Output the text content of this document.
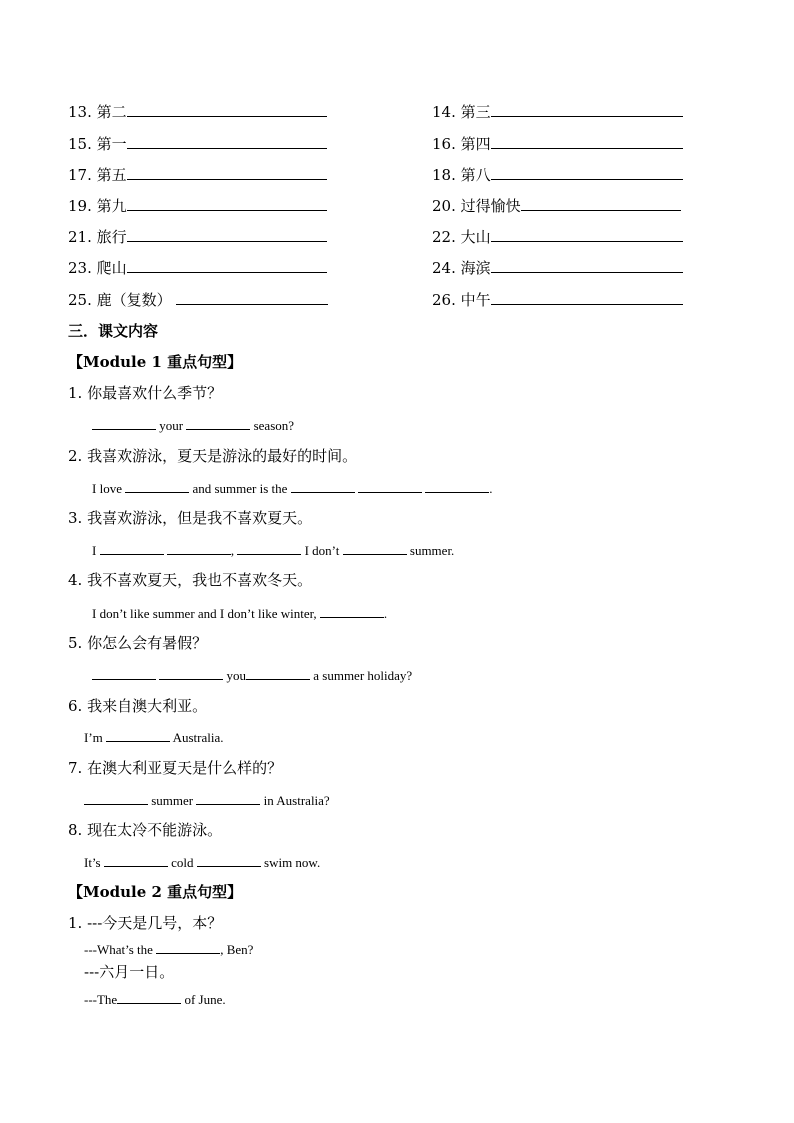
13. 第二	14. 第三
15. 第一	16. 第四
17. 第五	18. 第八
19. 第九	20. 过得愉快
21. 旅行	22. 大山
23. 爬山	24. 海滨
25. 鹿（复数）	26. 中午
三．课文内容
【Module 1 重点句型】
1. 你最喜欢什么季节？
your	season?
2. 我喜欢游泳，夏天是游泳的最好的时间。
I love	and summer is the	.
3. 我喜欢游泳，但是我不喜欢夏天。
I	,	I don’t	summer.
4. 我不喜欢夏天，我也不喜欢冬天。
I don’t like summer and I don’t like winter,	.
5. 你怎么会有暑假？
you	a summer holiday?
6. 我来自澳大利亚。
I’m	Australia.
7. 在澳大利亚夏天是什么样的？
summer	in Australia?
8. 现在太冷不能游泳。
It’s	cold	swim now.
【Module 2 重点句型】
1. ---今天是几号，本？
---What’s the	, Ben?
---六月一日。
---The	of June.
